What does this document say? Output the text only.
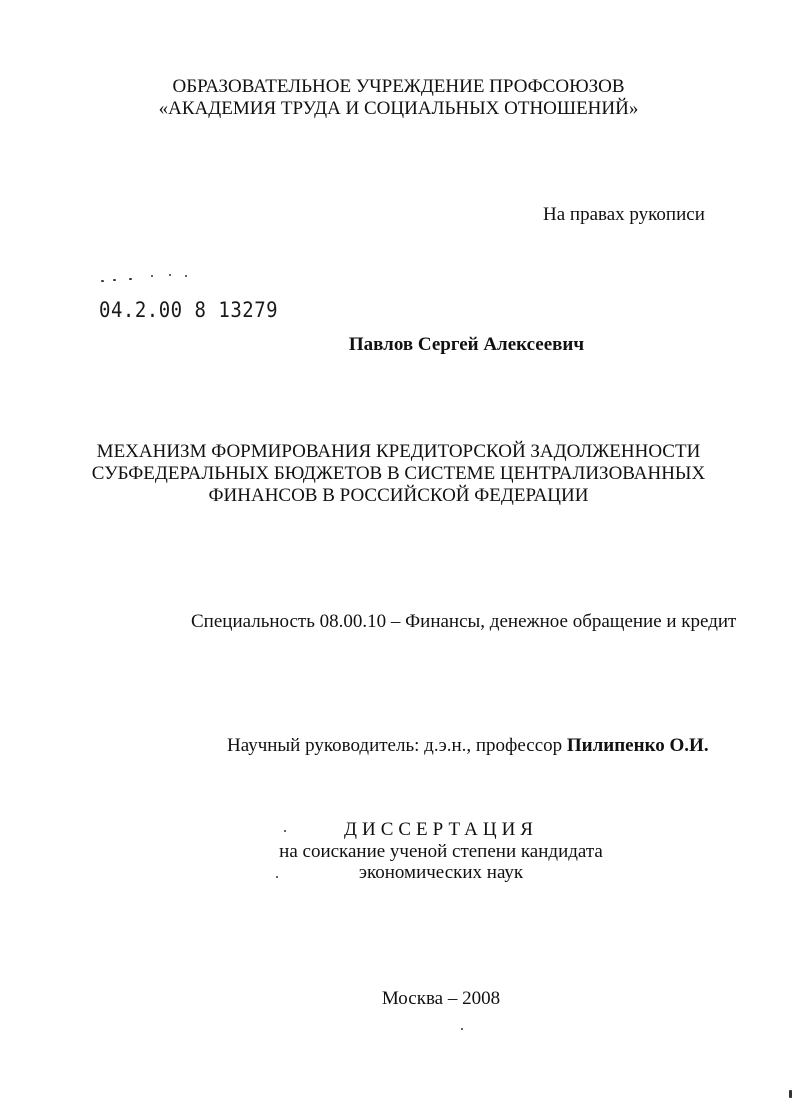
ОБРАЗОВАТЕЛЬНОЕ УЧРЕЖДЕНИЕ ПРОФСОЮЗОВ
«АКАДЕМИЯ ТРУДА И СОЦИАЛЬНЫХ ОТНОШЕНИЙ»
На правах рукописи
04.2.00 8 13279
Павлов Сергей Алексеевич
МЕХАНИЗМ ФОРМИРОВАНИЯ КРЕДИТОРСКОЙ ЗАДОЛЖЕННОСТИ
СУБФЕДЕРАЛЬНЫХ БЮДЖЕТОВ В СИСТЕМЕ ЦЕНТРАЛИЗОВАННЫХ
ФИНАНСОВ В РОССИЙСКОЙ ФЕДЕРАЦИИ
Специальность 08.00.10 – Финансы, денежное обращение и кредит
Научный руководитель: д.э.н., профессор Пилипенко О.И.
ДИССЕРТАЦИЯ
на соискание ученой степени кандидата
экономических наук
Москва – 2008
